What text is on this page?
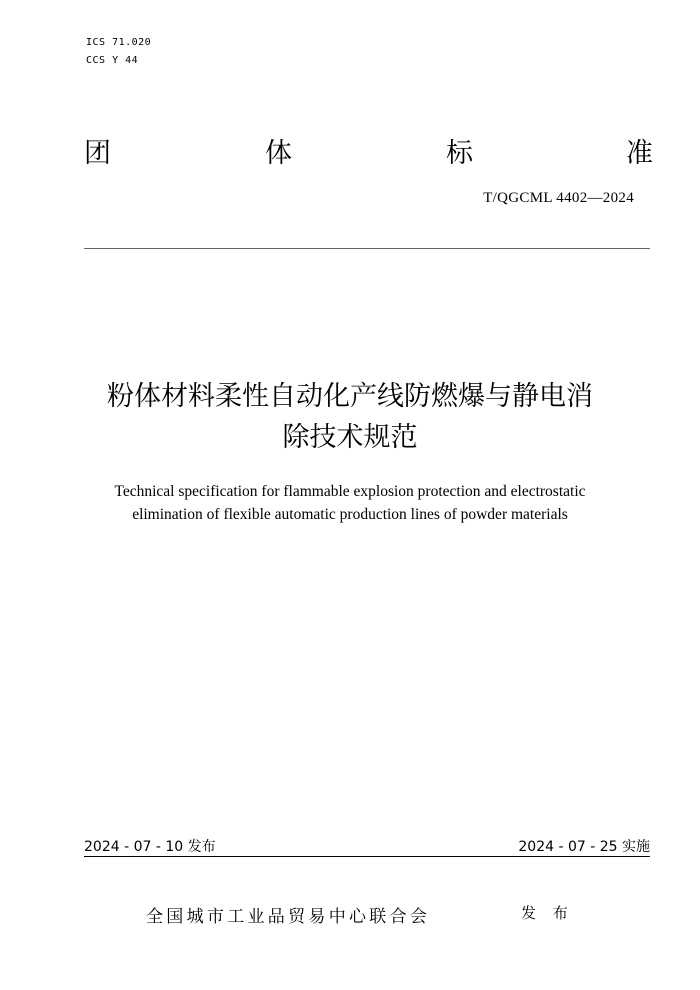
ICS 71.020
CCS Y 44
团	体	标	准
T/QGCML 4402—2024
粉体材料柔性自动化产线防燃爆与静电消
除技术规范
Technical specification for flammable explosion protection and electrostatic
elimination of flexible automatic production lines of powder materials
2024 - 07 - 10 发布	2024 - 07 - 25 实施
全国城市工业品贸易中心联合会	发 布
